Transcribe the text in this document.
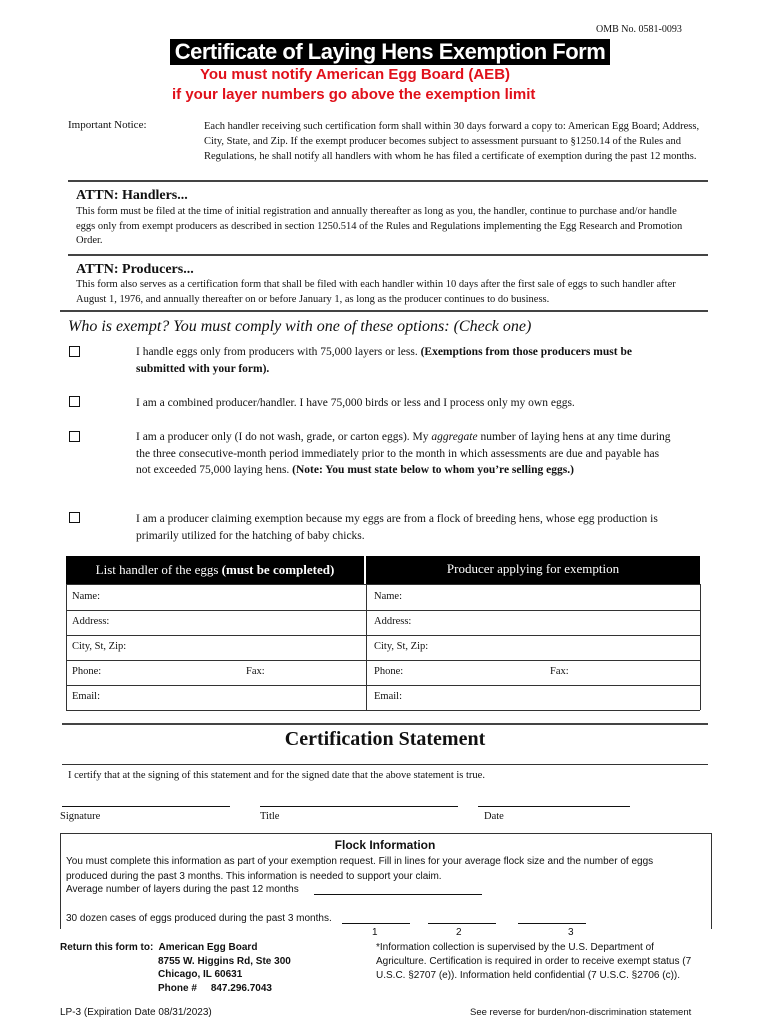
OMB No. 0581-0093
Certificate of Laying Hens Exemption Form
You must notify American Egg Board (AEB)
if your layer numbers go above the exemption limit
Important Notice:	Each handler receiving such certification form shall within 30 days forward a copy to: American Egg Board; Address, City, State, and Zip. If the exempt producer becomes subject to assessment pursuant to §1250.14 of the Rules and Regulations, he shall notify all handlers with whom he has filed a certificate of exemption during the past 12 months.
ATTN: Handlers...
This form must be filed at the time of initial registration and annually thereafter as long as you, the handler, continue to purchase and/or handle eggs only from exempt producers as described in section 1250.514 of the Rules and Regulations implementing the Egg Research and Promotion Order.
ATTN: Producers...
This form also serves as a certification form that shall be filed with each handler within 10 days after the first sale of eggs to such handler after August 1, 1976, and annually thereafter on or before January 1, as long as the producer continues to do business.
Who is exempt? You must comply with one of these options: (Check one)
I handle eggs only from producers with 75,000 layers or less. (Exemptions from those producers must be submitted with your form).
I am a combined producer/handler. I have 75,000 birds or less and I process only my own eggs.
I am a producer only (I do not wash, grade, or carton eggs). My aggregate number of laying hens at any time during the three consecutive-month period immediately prior to the month in which assessments are due and payable has not exceeded 75,000 laying hens. (Note: You must state below to whom you’re selling eggs.)
I am a producer claiming exemption because my eggs are from a flock of breeding hens, whose egg production is primarily utilized for the hatching of baby chicks.
List handler of the eggs (must be completed)	Producer applying for exemption
Name:	Name:
Address:	Address:
City, St, Zip:	City, St, Zip:
Phone:	Fax:	Phone:	Fax:
Email:	Email:
Certification Statement
I certify that at the signing of this statement and for the signed date that the above statement is true.
Signature	Title	Date
Flock Information
You must complete this information as part of your exemption request. Fill in lines for your average flock size and the number of eggs produced during the past 3 months. This information is needed to support your claim.
Average number of layers during the past 12 months
30 dozen cases of eggs produced during the past 3 months.
1	2	3
Return this form to: American Egg Board
8755 W. Higgins Rd, Ste 300
Chicago, IL 60631
Phone # 847.296.7043
*Information collection is supervised by the U.S. Department of Agriculture. Certification is required in order to receive exempt status (7 U.S.C. §2707 (e)). Information held confidential (7 U.S.C. §2706 (c)).
LP-3 (Expiration Date 08/31/2023)	See reverse for burden/non-discrimination statement
